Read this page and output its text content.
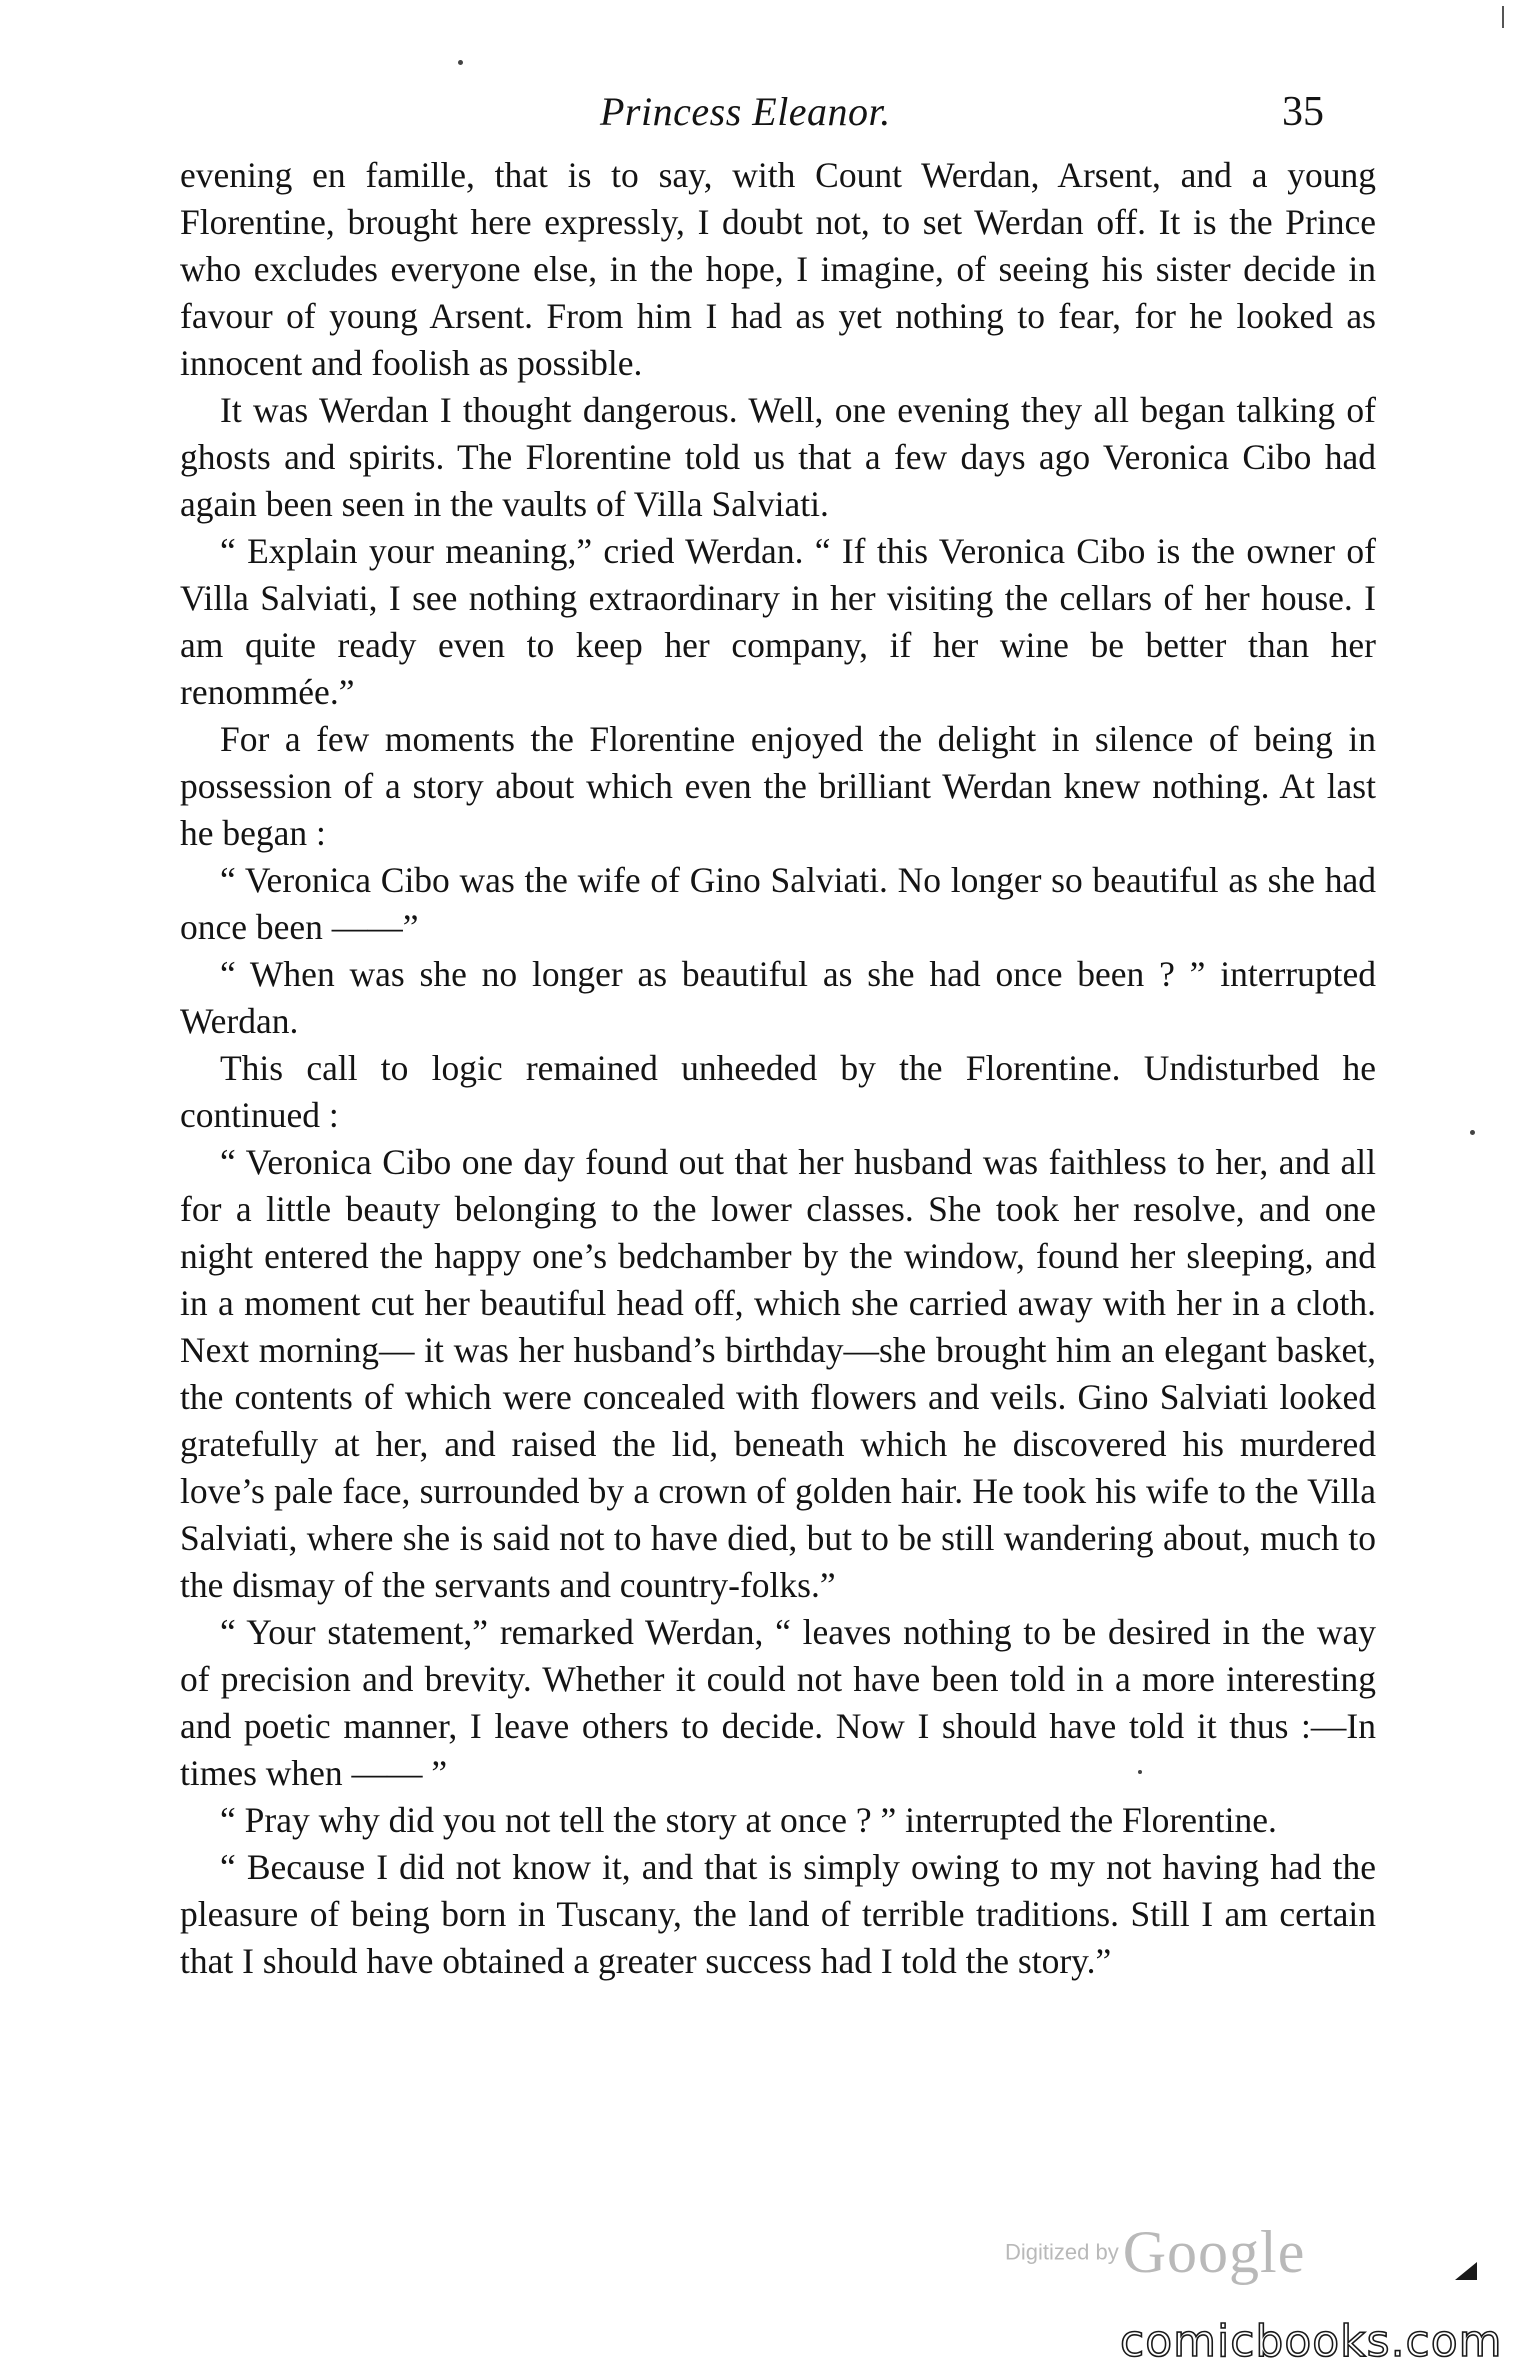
Princess Eleanor.	35

evening en famille, that is to say, with Count Werdan, Arsent, and a young Florentine, brought here expressly, I doubt not, to set Werdan off. It is the Prince who excludes everyone else, in the hope, I imagine, of seeing his sister decide in favour of young Arsent. From him I had as yet nothing to fear, for he looked as innocent and foolish as possible.

It was Werdan I thought dangerous. Well, one evening they all began talking of ghosts and spirits. The Florentine told us that a few days ago Veronica Cibo had again been seen in the vaults of Villa Salviati.

“ Explain your meaning,” cried Werdan. “ If this Veronica Cibo is the owner of Villa Salviati, I see nothing extraordinary in her visiting the cellars of her house. I am quite ready even to keep her company, if her wine be better than her renommée.”

For a few moments the Florentine enjoyed the delight in silence of being in possession of a story about which even the brilliant Werdan knew nothing. At last he began :

“ Veronica Cibo was the wife of Gino Salviati. No longer so beautiful as she had once been ——”

“ When was she no longer as beautiful as she had once been ? ” interrupted Werdan.

This call to logic remained unheeded by the Florentine. Undisturbed he continued :

“ Veronica Cibo one day found out that her husband was faithless to her, and all for a little beauty belonging to the lower classes. She took her resolve, and one night entered the happy one’s bedchamber by the window, found her sleeping, and in a moment cut her beautiful head off, which she carried away with her in a cloth. Next morning— it was her husband’s birthday—she brought him an elegant basket, the contents of which were concealed with flowers and veils. Gino Salviati looked gratefully at her, and raised the lid, beneath which he discovered his murdered love’s pale face, surrounded by a crown of golden hair. He took his wife to the Villa Salviati, where she is said not to have died, but to be still wandering about, much to the dismay of the servants and country-folks.”

“ Your statement,” remarked Werdan, “ leaves nothing to be desired in the way of precision and brevity. Whether it could not have been told in a more interesting and poetic manner, I leave others to decide. Now I should have told it thus :—In times when —— ”

“ Pray why did you not tell the story at once ? ” interrupted the Florentine.

“ Because I did not know it, and that is simply owing to my not having had the pleasure of being born in Tuscany, the land of terrible traditions. Still I am certain that I should have obtained a greater success had I told the story.”

Digitized by Google
comicbooks.com
